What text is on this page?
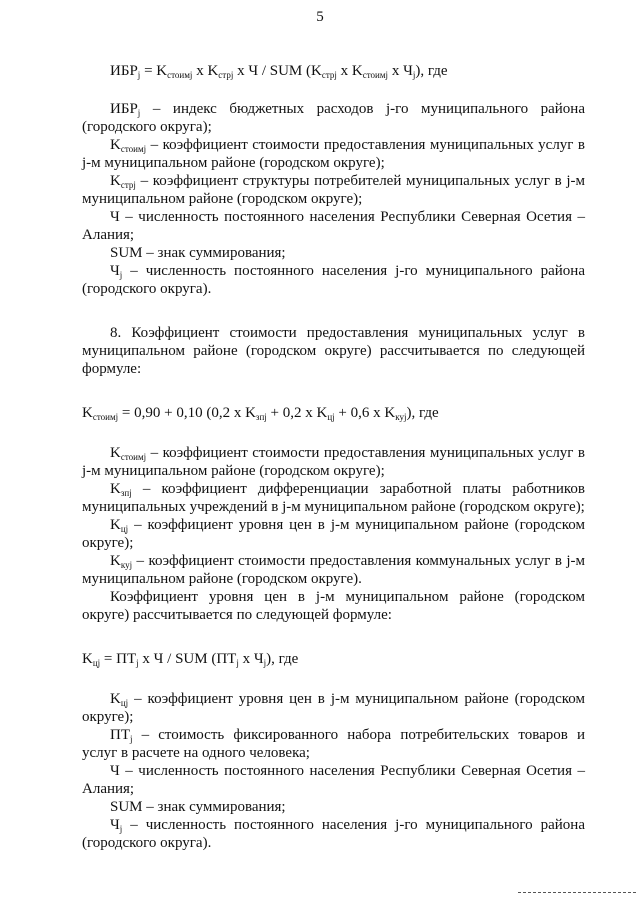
5

$ИБР_j = K_{стоимj}$ x $K_{стрj}$ x Ч / SUM ($K_{стрj}$ x $K_{стоимj}$ x $Ч_j$), где

$ИБР_j$ – индекс бюджетных расходов j-го муниципального района (городского округа);

$K_{стоимj}$ – коэффициент стоимости предоставления муниципальных услуг в j-м муниципальном районе (городском округе);

$K_{стрj}$ – коэффициент структуры потребителей муниципальных услуг в j-м муниципальном районе (городском округе);

Ч – численность постоянного населения Республики Северная Осетия – Алания;

SUM – знак суммирования;

$Ч_j$ – численность постоянного населения j-го муниципального района (городского округа).

8. Коэффициент стоимости предоставления муниципальных услуг в муниципальном районе (городском округе) рассчитывается по следующей формуле:

$K_{стоимj} = 0,90 + 0,10$ (0,2 x $K_{зпj} + 0,2$ x $K_{цj} + 0,6$ x $K_{куj}$), где

$K_{стоимj}$ – коэффициент стоимости предоставления муниципальных услуг в j-м муниципальном районе (городском округе);

$K_{зпj}$ – коэффициент дифференциации заработной платы работников муниципальных учреждений в j-м муниципальном районе (городском округе);

$K_{цj}$ – коэффициент уровня цен в j-м муниципальном районе (городском округе);

$K_{куj}$ – коэффициент стоимости предоставления коммунальных услуг в j-м муниципальном районе (городском округе).

Коэффициент уровня цен в j-м муниципальном районе (городском округе) рассчитывается по следующей формуле:

$K_{цj} = ПТ_j$ x Ч / SUM ($ПТ_j$ x $Ч_j$), где

$K_{цj}$ – коэффициент уровня цен в j-м муниципальном районе (городском округе);

$ПТ_j$ – стоимость фиксированного набора потребительских товаров и услуг в расчете на одного человека;

Ч – численность постоянного населения Республики Северная Осетия – Алания;

SUM – знак суммирования;

$Ч_j$ – численность постоянного населения j-го муниципального района (городского округа).
